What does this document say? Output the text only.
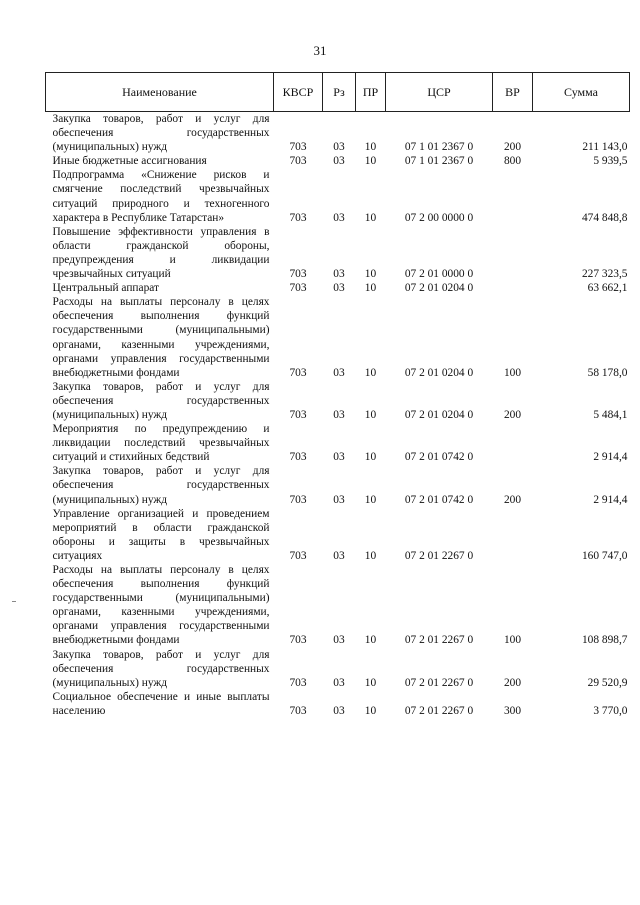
31
Наименование	КВСР	Рз	ПР	ЦСР	ВР	Сумма
Закупка товаров, работ и услуг для обеспечения государственных (муниципальных) нужд	703	03	10	07 1 01 2367 0	200	211 143,0
Иные бюджетные ассигнования	703	03	10	07 1 01 2367 0	800	5 939,5
Подпрограмма «Снижение рисков и смягчение последствий чрезвычайных ситуаций природного и техногенного характера в Республике Татарстан»	703	03	10	07 2 00 0000 0		474 848,8
Повышение эффективности управления в области гражданской обороны, предупреждения и ликвидации чрезвычайных ситуаций	703	03	10	07 2 01 0000 0		227 323,5
Центральный аппарат	703	03	10	07 2 01 0204 0		63 662,1
Расходы на выплаты персоналу в целях обеспечения выполнения функций государственными (муниципальными) органами, казенными учреждениями, органами управления государственными внебюджетными фондами	703	03	10	07 2 01 0204 0	100	58 178,0
Закупка товаров, работ и услуг для обеспечения государственных (муниципальных) нужд	703	03	10	07 2 01 0204 0	200	5 484,1
Мероприятия по предупреждению и ликвидации последствий чрезвычайных ситуаций и стихийных бедствий	703	03	10	07 2 01 0742 0		2 914,4
Закупка товаров, работ и услуг для обеспечения государственных (муниципальных) нужд	703	03	10	07 2 01 0742 0	200	2 914,4
Управление организацией и проведением мероприятий в области гражданской обороны и защиты в чрезвычайных ситуациях	703	03	10	07 2 01 2267 0		160 747,0
Расходы на выплаты персоналу в целях обеспечения выполнения функций государственными (муниципальными) органами, казенными учреждениями, органами управления государственными внебюджетными фондами	703	03	10	07 2 01 2267 0	100	108 898,7
Закупка товаров, работ и услуг для обеспечения государственных (муниципальных) нужд	703	03	10	07 2 01 2267 0	200	29 520,9
Социальное обеспечение и иные выплаты населению	703	03	10	07 2 01 2267 0	300	3 770,0
